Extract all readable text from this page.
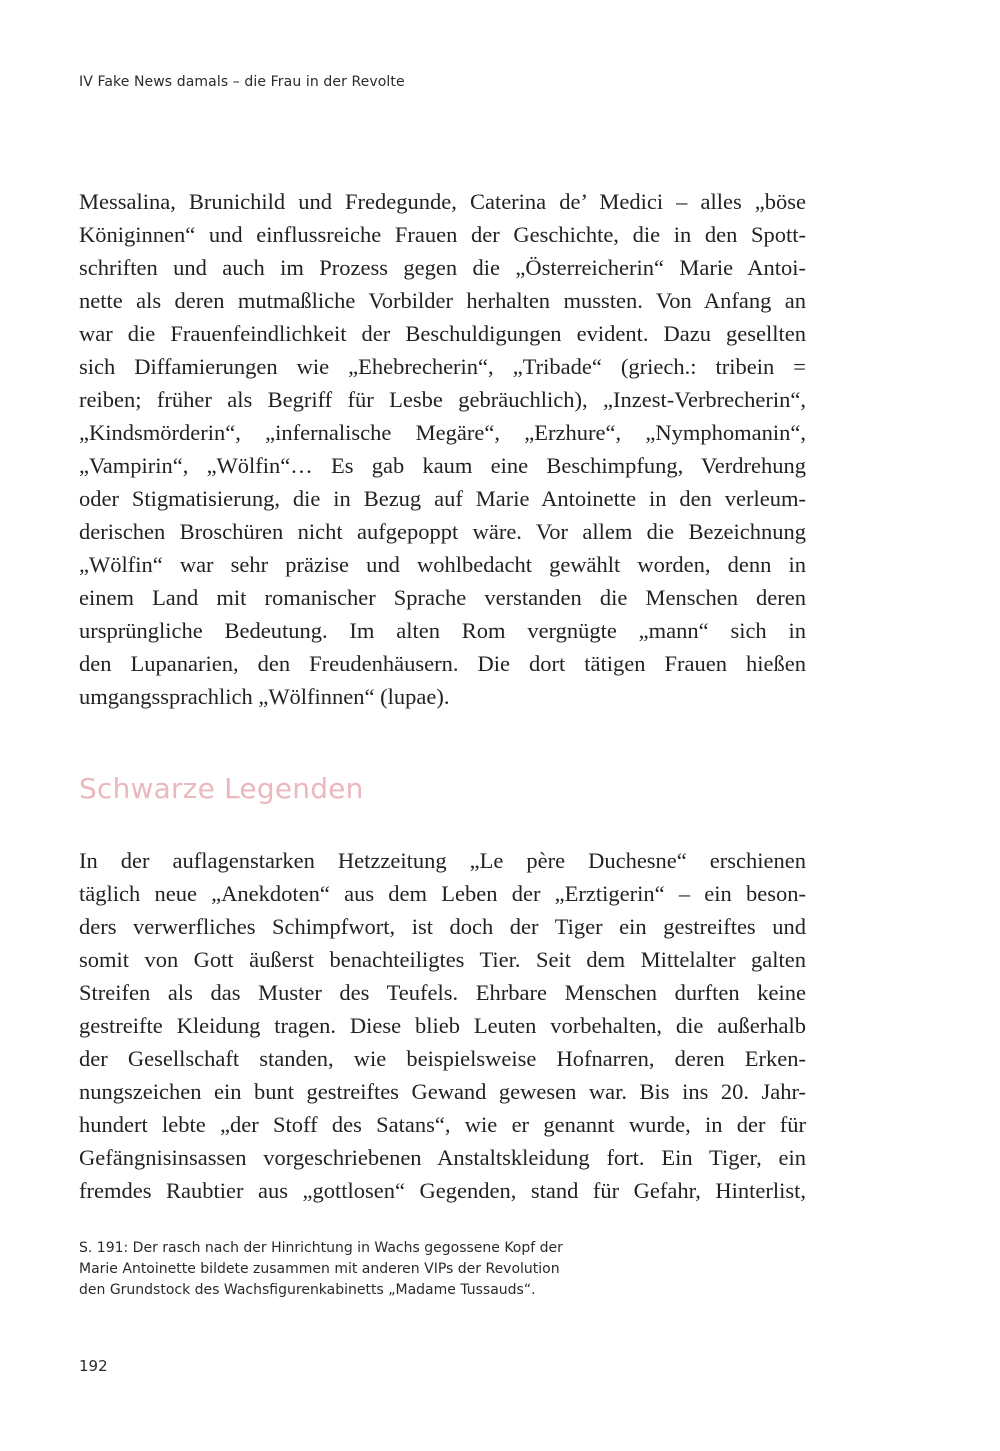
IV Fake News damals – die Frau in der Revolte
Messalina, Brunichild und Fredegunde, Caterina de’ Medici – alles „böse
Königinnen“ und einflussreiche Frauen der Geschichte, die in den Spott-
schriften und auch im Prozess gegen die „Österreicherin“ Marie Antoi-
nette als deren mutmaßliche Vorbilder herhalten mussten. Von Anfang an
war die Frauenfeindlichkeit der Beschuldigungen evident. Dazu gesellten
sich Diffamierungen wie „Ehebrecherin“, „Tribade“ (griech.: tribein =
reiben; früher als Begriff für Lesbe gebräuchlich), „Inzest-Verbrecherin“,
„Kindsmörderin“, „infernalische Megäre“, „Erzhure“, „Nymphomanin“,
„Vampirin“, „Wölfin“… Es gab kaum eine Beschimpfung, Verdrehung
oder Stigmatisierung, die in Bezug auf Marie Antoinette in den verleum-
derischen Broschüren nicht aufgepoppt wäre. Vor allem die Bezeichnung
„Wölfin“ war sehr präzise und wohlbedacht gewählt worden, denn in
einem Land mit romanischer Sprache verstanden die Menschen deren
ursprüngliche Bedeutung. Im alten Rom vergnügte „mann“ sich in
den Lupanarien, den Freudenhäusern. Die dort tätigen Frauen hießen
umgangssprachlich „Wölfinnen“ (lupae).
Schwarze Legenden
In der auflagenstarken Hetzzeitung „Le père Duchesne“ erschienen
täglich neue „Anekdoten“ aus dem Leben der „Erztigerin“ – ein beson-
ders verwerfliches Schimpfwort, ist doch der Tiger ein gestreiftes und
somit von Gott äußerst benachteiligtes Tier. Seit dem Mittelalter galten
Streifen als das Muster des Teufels. Ehrbare Menschen durften keine
gestreifte Kleidung tragen. Diese blieb Leuten vorbehalten, die außerhalb
der Gesellschaft standen, wie beispielsweise Hofnarren, deren Erken-
nungszeichen ein bunt gestreiftes Gewand gewesen war. Bis ins 20. Jahr-
hundert lebte „der Stoff des Satans“, wie er genannt wurde, in der für
Gefängnisinsassen vorgeschriebenen Anstaltskleidung fort. Ein Tiger, ein
fremdes Raubtier aus „gottlosen“ Gegenden, stand für Gefahr, Hinterlist,
S. 191: Der rasch nach der Hinrichtung in Wachs gegossene Kopf der
Marie Antoinette bildete zusammen mit anderen VIPs der Revolution
den Grundstock des Wachsfigurenkabinetts „Madame Tussauds“.
192
